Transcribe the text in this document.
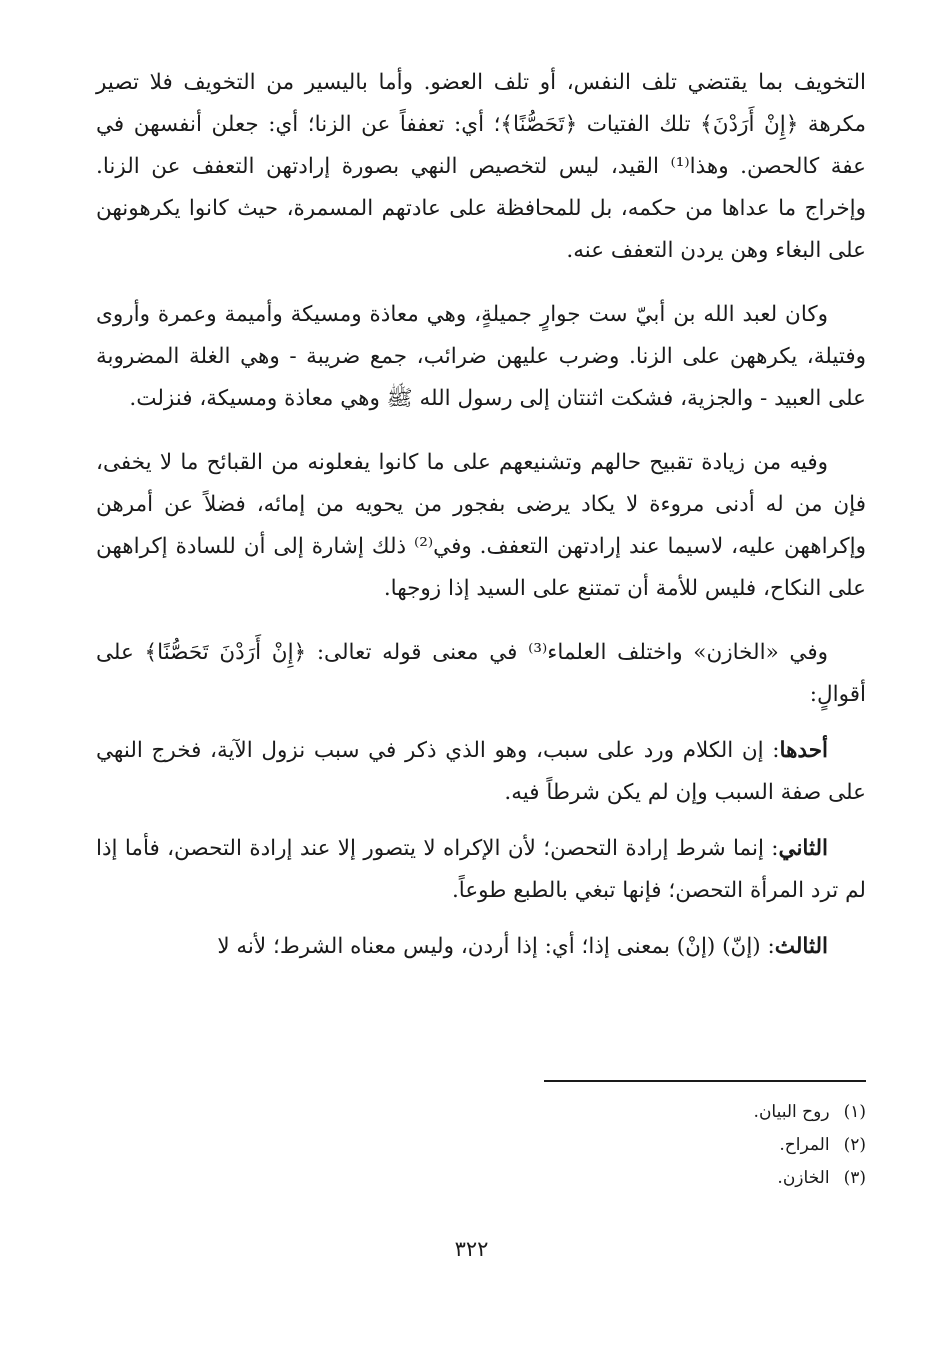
التخويف بما يقتضي تلف النفس، أو تلف العضو. وأما باليسير من التخويف فلا تصير مكرهة ﴿إِنْ أَرَدْنَ﴾ تلك الفتيات ﴿تَحَصُّنًا﴾؛ أي: تعففاً عن الزنا؛ أي: جعلن أنفسهن في عفة كالحصن. وهذا⁽¹⁾ القيد، ليس لتخصيص النهي بصورة إرادتهن التعفف عن الزنا. وإخراج ما عداها من حكمه، بل للمحافظة على عادتهم المسمرة، حيث كانوا يكرهونهن على البغاء وهن يردن التعفف عنه.

وكان لعبد الله بن أبيّ ست جوارٍ جميلةٍ، وهي معاذة ومسيكة وأميمة وعمرة وأروى وفتيلة، يكرههن على الزنا. وضرب عليهن ضرائب، جمع ضريبة - وهي الغلة المضروبة على العبيد - والجزية، فشكت اثنتان إلى رسول الله ﷺ وهي معاذة ومسيكة، فنزلت.

وفيه من زيادة تقبيح حالهم وتشنيعهم على ما كانوا يفعلونه من القبائح ما لا يخفى، فإن من له أدنى مروءة لا يكاد يرضى بفجور من يحويه من إمائه، فضلاً عن أمرهن وإكراههن عليه، لاسيما عند إرادتهن التعفف. وفي⁽²⁾ ذلك إشارة إلى أن للسادة إكراههن على النكاح، فليس للأمة أن تمتنع على السيد إذا زوجها.

وفي «الخازن» واختلف العلماء⁽³⁾ في معنى قوله تعالى: ﴿إِنْ أَرَدْنَ تَحَصُّنًا﴾ على أقوالٍ:

أحدها: إن الكلام ورد على سبب، وهو الذي ذكر في سبب نزول الآية، فخرج النهي على صفة السبب وإن لم يكن شرطاً فيه.

الثاني: إنما شرط إرادة التحصن؛ لأن الإكراه لا يتصور إلا عند إرادة التحصن، فأما إذا لم ترد المرأة التحصن؛ فإنها تبغي بالطبع طوعاً.

الثالث: (إنّ) (إنْ) بمعنى إذا؛ أي: إذا أردن، وليس معناه الشرط؛ لأنه لا

(١)روح البيان.
(٢)المراح.
(٣)الخازن.
٣٢٢
